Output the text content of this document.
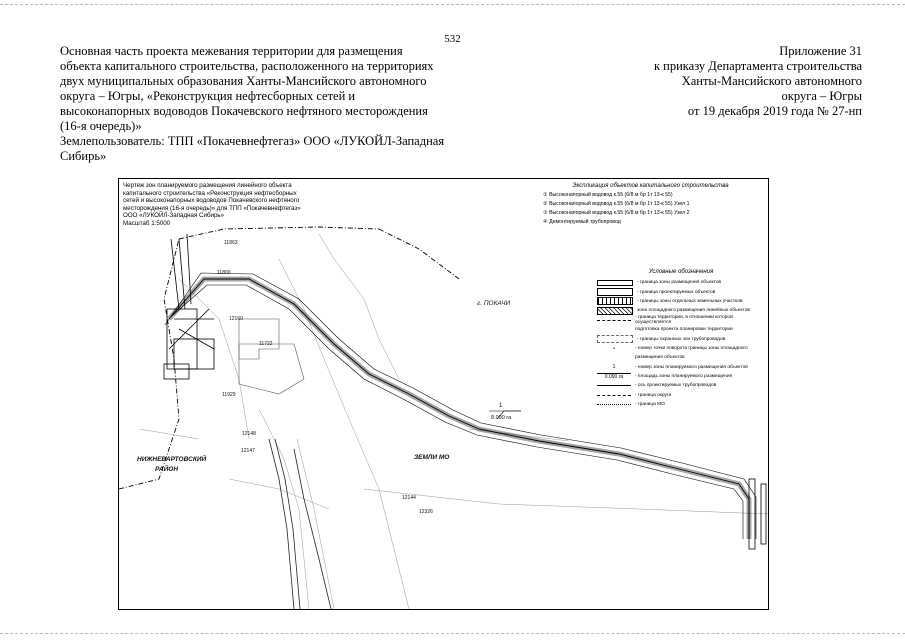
532
Основная часть проекта межевания территории для размещения
объекта капитального строительства, расположенного на территориях
двух муниципальных образования Ханты-Мансийского автономного
округа – Югры, «Реконструкция нефтесборных сетей и
высоконапорных водоводов Покачевского нефтяного месторождения
(16-я очередь)»
Землепользователь: ТПП «Покачевнефтегаз» ООО «ЛУКОЙЛ-Западная
Сибирь»
Приложение 31
к приказу Департамента строительства
Ханты-Мансийского автономного
округа – Югры
от 19 декабря 2019 года № 27-нп
1
8.090 га
г. ПОКАЧИ
НИЖНЕВАРТОВСКИЙ
РАЙОН
ЗЕМЛИ МО
11863
11800
12160
11722
11929
12148
12147
12144
12326
Чертеж зон планируемого размещения линейного объекта
капитального строительства «Реконструкция нефтесборных
сетей и высоконапорных водоводов Покачевского нефтяного
месторождения (16-я очередь)» для ТПП «Покачевнефтегаз»
ООО «ЛУКОЙЛ-Западная Сибирь»
Масштаб 1:5000
Экспликация объектов капитального строительства
① Высоконапорный водовод к.55 (6/8 м бр 1т 13-к 55)
② Высоконапорный водовод к.55 (6/8 м бр 1т 13-к 55) Узел 1
③ Высоконапорный водовод к.55 (6/8 м бр 1т 13-к 55) Узел 2
④ Демонтируемый трубопровод
Условные обозначения
- граница зоны размещения объектов
- граница проектируемых объектов
- границы зоны отдельных земельных участков
зона площадного размещения линейных объектов
- граница территории, в отношении которой осуществляется
подготовка проекта планировки территории
- границы охранных зон трубопроводов
•	- номер точки поворота границы зоны площадного
размещения объектов
1	- номер зоны планируемого размещения объектов
0.090 га	- площадь зоны планируемого размещения
- ось проектируемых трубопроводов
- граница округа
- граница МО
